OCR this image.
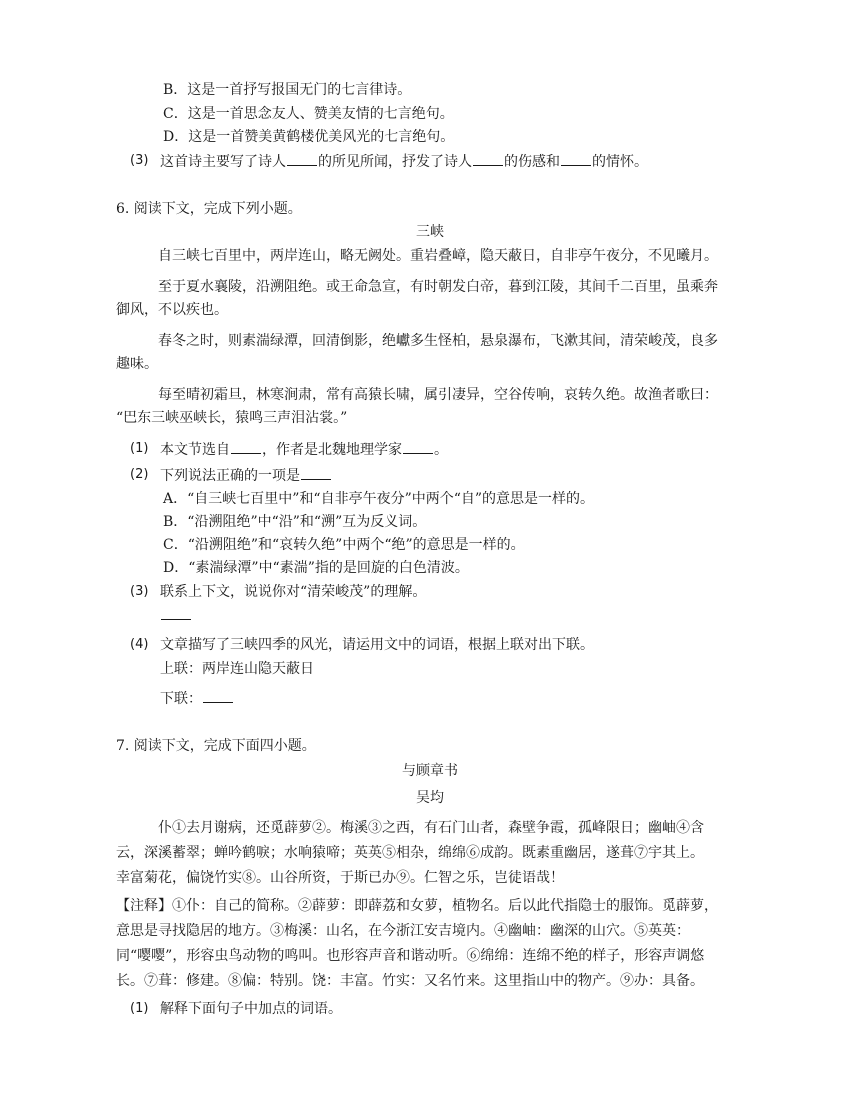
B．这是一首抒写报国无门的七言律诗。
C．这是一首思念友人、赞美友情的七言绝句。
D．这是一首赞美黄鹤楼优美风光的七言绝句。
(3) 这首诗主要写了诗人 的所见所闻，抒发了诗人 的伤感和 的情怀。
6. 阅读下文，完成下列小题。
三峡
自三峡七百里中，两岸连山，略无阙处。重岩叠嶂，隐天蔽日，自非亭午夜分，不见曦月。
至于夏水襄陵，沿溯阻绝。或王命急宣，有时朝发白帝，暮到江陵，其间千二百里，虽乘奔
御风，不以疾也。
春冬之时，则素湍绿潭，回清倒影，绝巘多生怪柏，悬泉瀑布，飞漱其间，清荣峻茂，良多
趣味。
每至晴初霜旦，林寒涧肃，常有高猿长啸，属引凄异，空谷传响，哀转久绝。故渔者歌曰：
“巴东三峡巫峡长，猿鸣三声泪沾裳。”
(1) 本文节选自 ，作者是北魏地理学家 。
(2) 下列说法正确的一项是
A．“自三峡七百里中”和“自非亭午夜分”中两个“自”的意思是一样的。
B．“沿溯阻绝”中“沿”和“溯”互为反义词。
C．“沿溯阻绝”和“哀转久绝”中两个“绝”的意思是一样的。
D．“素湍绿潭”中“素湍”指的是回旋的白色清波。
(3) 联系上下文，说说你对“清荣峻茂”的理解。
(4) 文章描写了三峡四季的风光，请运用文中的词语，根据上联对出下联。
上联：两岸连山隐天蔽日
下联：
7. 阅读下文，完成下面四小题。
与顾章书
吴均
仆①去月谢病，还觅薜萝②。梅溪③之西，有石门山者，森壁争霞，孤峰限日；幽岫④含
云，深溪蓄翠；蝉吟鹤唳；水响猿啼；英英⑤相杂，绵绵⑥成韵。既素重幽居，遂葺⑦宇其上。
幸富菊花，偏饶竹实⑧。山谷所资，于斯已办⑨。仁智之乐，岂徒语哉！
【注释】①仆：自己的简称。②薜萝：即薜荔和女萝，植物名。后以此代指隐士的服饰。觅薜萝，
意思是寻找隐居的地方。③梅溪：山名，在今浙江安吉境内。④幽岫：幽深的山穴。⑤英英：
同“嘤嘤”，形容虫鸟动物的鸣叫。也形容声音和谐动听。⑥绵绵：连绵不绝的样子，形容声调悠
长。⑦葺：修建。⑧偏：特别。饶：丰富。竹实：又名竹来。这里指山中的物产。⑨办：具备。
(1) 解释下面句子中加点的词语。
